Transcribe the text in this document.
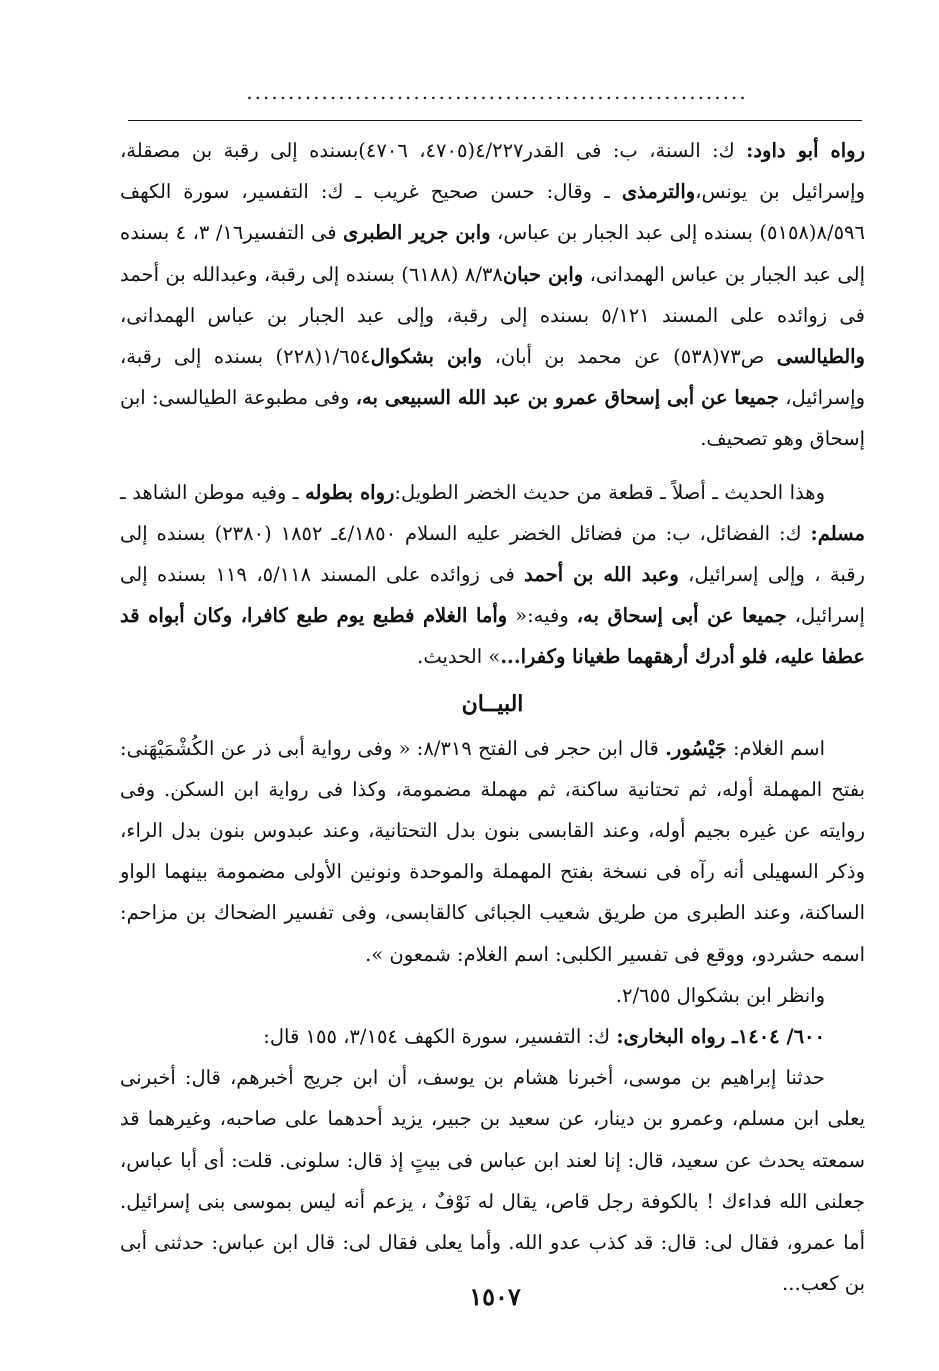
............................................................

رواه أبو داود: ك: السنة، ب: فى القدر٤/٢٢٧(٤٧٠٥، ٤٧٠٦)بسنده إلى رقبة بن مصقلة، وإسرائيل بن يونس،والترمذى ـ وقال: حسن صحيح غريب ـ ك: التفسير، سورة الكهف ٨/٥٩٦(٥١٥٨) بسنده إلى عبد الجبار بن عباس، وابن جرير الطبرى فى التفسير١٦/ ٣، ٤ بسنده إلى عبد الجبار بن عباس الهمدانى، وابن حبان٨/٣٨ (٦١٨٨) بسنده إلى رقبة، وعبدالله بن أحمد فى زوائده على المسند ٥/١٢١ بسنده إلى رقبة، وإلى عبد الجبار بن عباس الهمدانى، والطيالسى ص٧٣(٥٣٨) عن محمد بن أبان، وابن بشكوال١/٦٥٤(٢٢٨) بسنده إلى رقبة، وإسرائيل، جميعا عن أبى إسحاق عمرو بن عبد الله السبيعى به، وفى مطبوعة الطيالسى: ابن إسحاق وهو تصحيف.

وهذا الحديث ـ أصلاً ـ قطعة من حديث الخضر الطويل:رواه بطوله ـ وفيه موطن الشاهد ـ مسلم: ك: الفضائل، ب: من فضائل الخضر عليه السلام ٤/١٨٥٠ـ ١٨٥٢ (٢٣٨٠) بسنده إلى رقبة ، وإلى إسرائيل، وعبد الله بن أحمد فى زوائده على المسند ٥/١١٨، ١١٩ بسنده إلى إسرائيل، جميعا عن أبى إسحاق به، وفيه:« وأما الغلام فطبع يوم طبع كافرا، وكان أبواه قد عطفا عليه، فلو أدرك أرهقهما طغيانا وكفرا...» الحديث.

البيــان

اسم الغلام: جَيْسُور. قال ابن حجر فى الفتح ٨/٣١٩: « وفى رواية أبى ذر عن الكُشْمَيْهَنى: بفتح المهملة أوله، ثم تحتانية ساكنة، ثم مهملة مضمومة، وكذا فى رواية ابن السكن. وفى روايته عن غيره بجيم أوله، وعند القابسى بنون بدل التحتانية، وعند عبدوس بنون بدل الراء، وذكر السهيلى أنه رآه فى نسخة بفتح المهملة والموحدة ونونين الأولى مضمومة بينهما الواو الساكنة، وعند الطبرى من طريق شعيب الجبائى كالقابسى، وفى تفسير الضحاك بن مزاحم: اسمه حشردو، ووقع فى تفسير الكلبى: اسم الغلام: شمعون ».

وانظر ابن بشكوال ٢/٦٥٥.

٦٠٠/ ١٤٠٤ـ رواه البخارى: ك: التفسير، سورة الكهف ٣/١٥٤، ١٥٥ قال:

حدثنا إبراهيم بن موسى، أخبرنا هشام بن يوسف، أن ابن جريج أخبرهم، قال: أخبرنى يعلى ابن مسلم، وعمرو بن دينار، عن سعيد بن جبير، يزيد أحدهما على صاحبه، وغيرهما قد سمعته يحدث عن سعيد، قال: إنا لعند ابن عباس فى بيتٍ إذ قال: سلونى. قلت: أى أبا عباس، جعلنى الله فداءك ! بالكوفة رجل قاص، يقال له نَوْفٌ ، يزعم أنه ليس بموسى بنى إسرائيل. أما عمرو، فقال لى: قال: قد كذب عدو الله. وأما يعلى فقال لى: قال ابن عباس: حدثنى أبى بن كعب...

١٥٠٧
